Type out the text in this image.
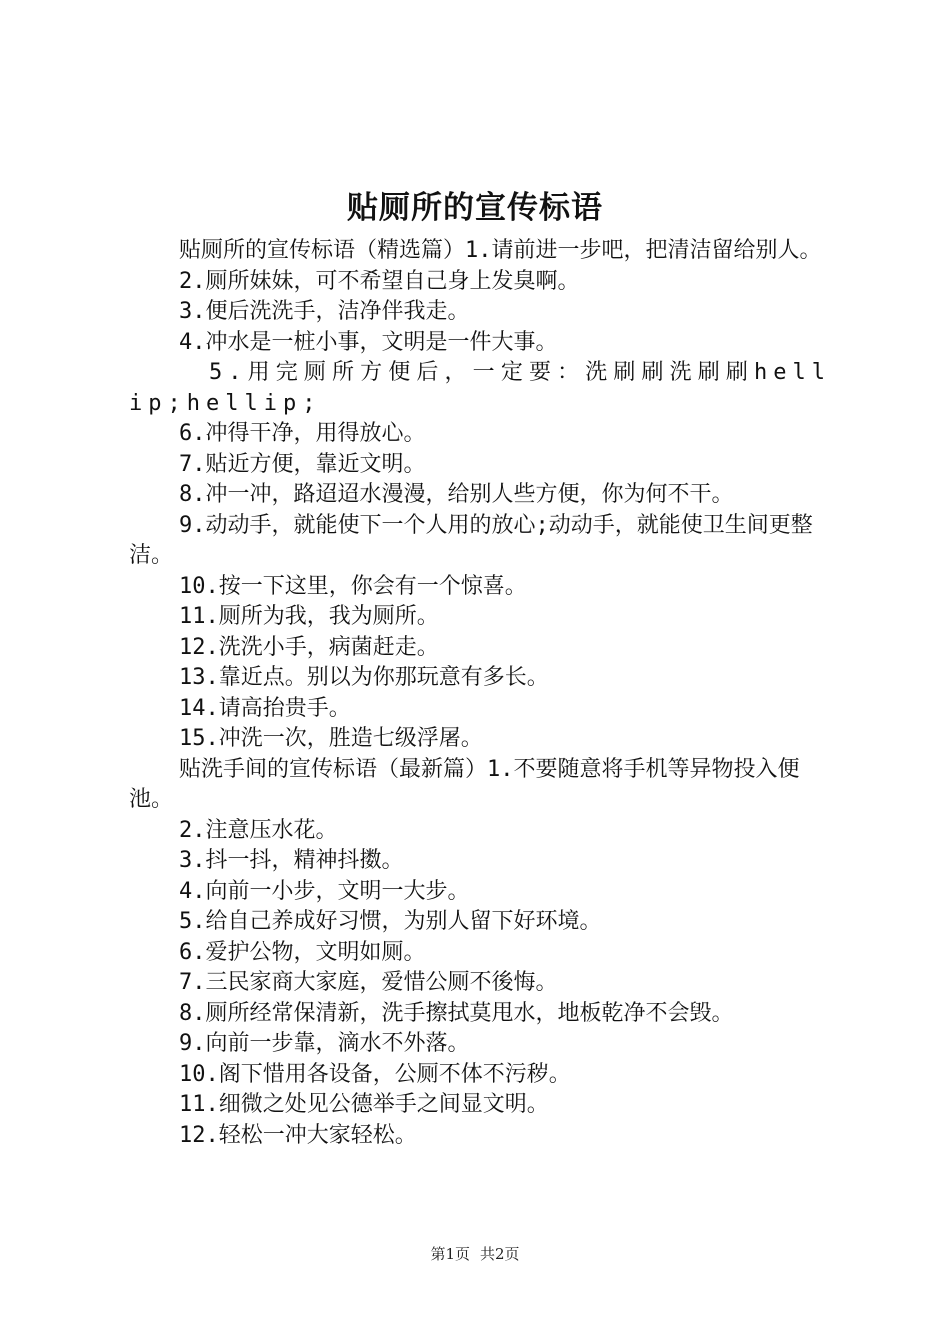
贴厕所的宣传标语

贴厕所的宣传标语（精选篇）1.请前进一步吧，把清洁留给别人。

2.厕所妹妹，可不希望自己身上发臭啊。

3.便后洗洗手，洁净伴我走。

4.冲水是一桩小事，文明是一件大事。

5.用完厕所方便后，一定要：洗刷刷洗刷刷hellip;hellip;

6.冲得干净，用得放心。

7.贴近方便，靠近文明。

8.冲一冲，路迢迢水漫漫，给别人些方便，你为何不干。

9.动动手，就能使下一个人用的放心;动动手，就能使卫生间更整洁。

10.按一下这里，你会有一个惊喜。

11.厕所为我，我为厕所。

12.洗洗小手，病菌赶走。

13.靠近点。别以为你那玩意有多长。

14.请高抬贵手。

15.冲洗一次，胜造七级浮屠。

贴洗手间的宣传标语（最新篇）1.不要随意将手机等异物投入便池。

2.注意压水花。

3.抖一抖，精神抖擞。

4.向前一小步，文明一大步。

5.给自己养成好习惯，为别人留下好环境。

6.爱护公物，文明如厕。

7.三民家商大家庭，爱惜公厕不後悔。

8.厕所经常保清新，洗手擦拭莫甩水，地板乾净不会毁。

9.向前一步靠，滴水不外落。

10.阁下惜用各设备，公厕不体不污秽。

11.细微之处见公德举手之间显文明。

12.轻松一冲大家轻松。

第1页 共2页
